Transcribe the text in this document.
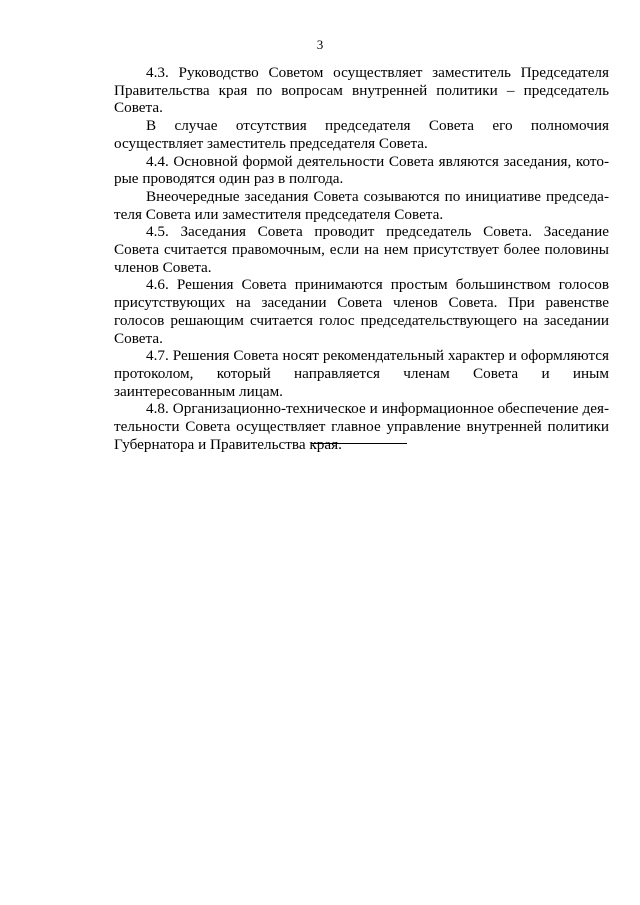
3

4.3. Руководство Советом осуществляет заместитель Председателя Правительства края по вопросам внутренней политики – председатель Совета.

В случае отсутствия председателя Совета его полномочия осуществляет заместитель председателя Совета.

4.4. Основной формой деятельности Совета являются заседания, которые проводятся один раз в полгода.

Внеочередные заседания Совета созываются по инициативе председателя Совета или заместителя председателя Совета.

4.5. Заседания Совета проводит председатель Совета. Заседание Совета считается правомочным, если на нем присутствует более половины членов Совета.

4.6. Решения Совета принимаются простым большинством голосов присутствующих на заседании Совета членов Совета. При равенстве голосов решающим считается голос председательствующего на заседании Совета.

4.7. Решения Совета носят рекомендательный характер и оформляются протоколом, который направляется членам Совета и иным заинтересованным лицам.

4.8. Организационно-техническое и информационное обеспечение деятельности Совета осуществляет главное управление внутренней политики Губернатора и Правительства края.
